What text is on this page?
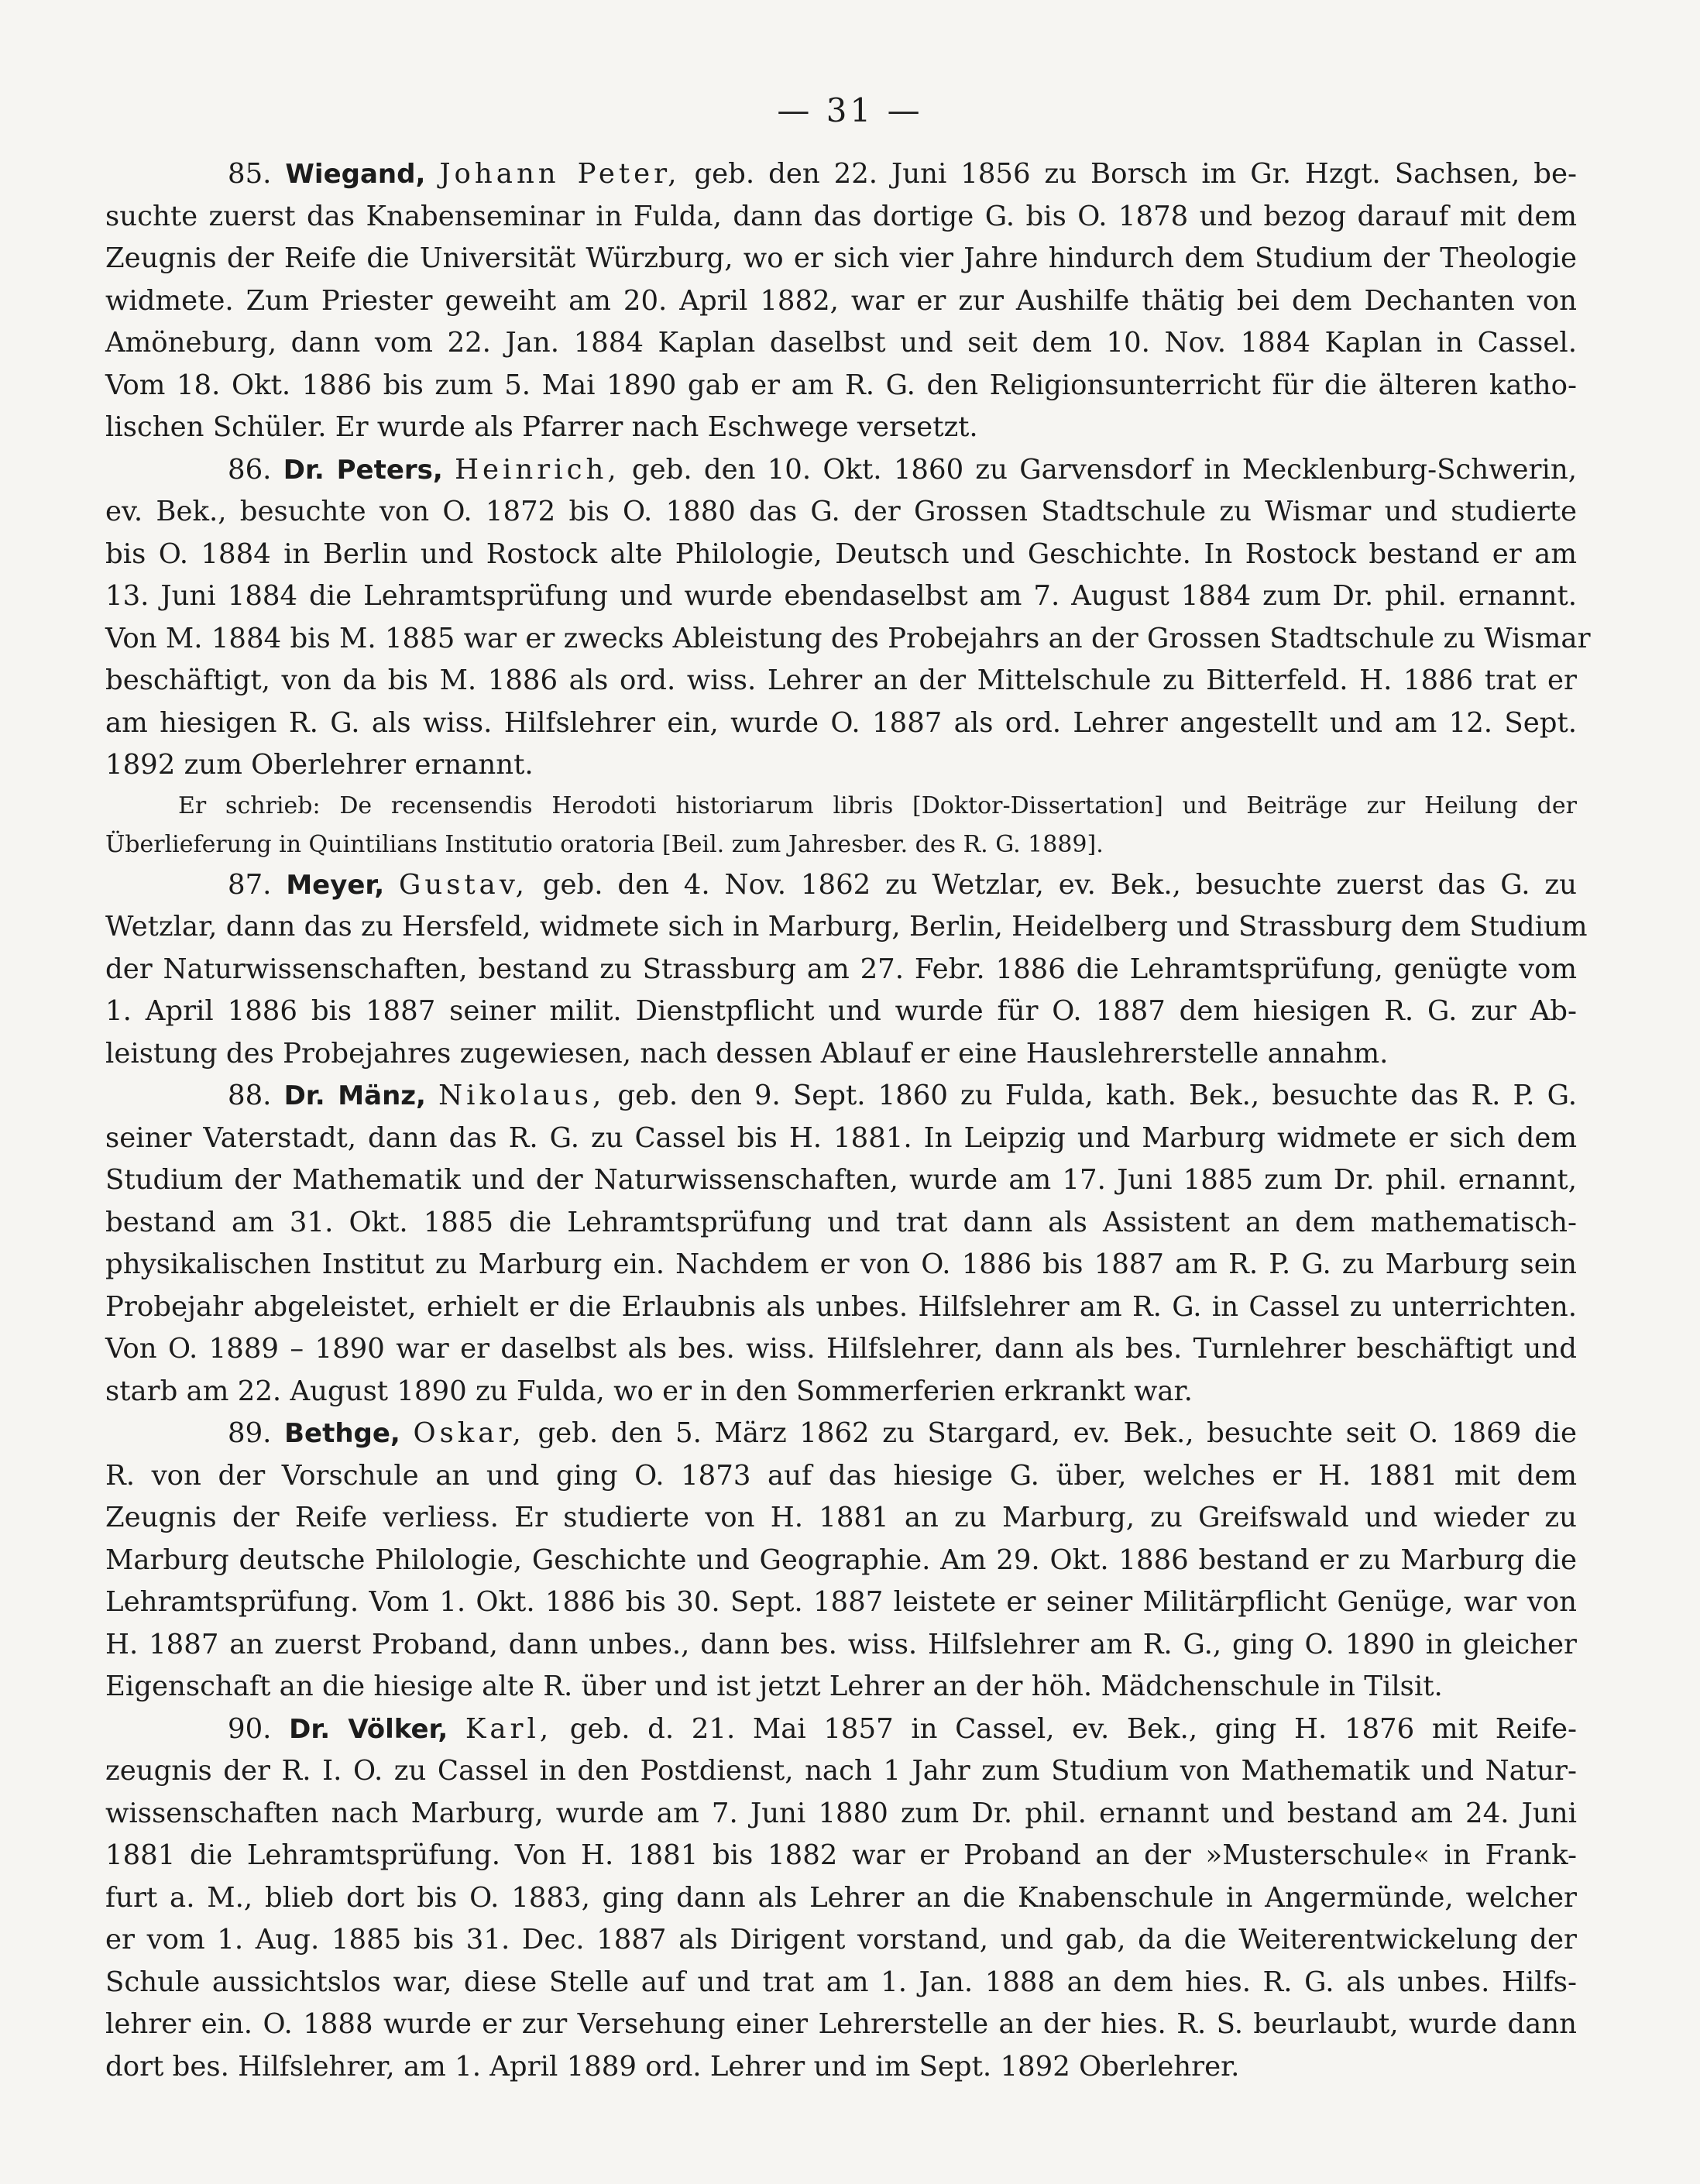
— 31 —
85. Wiegand, Johann Peter, geb. den 22. Juni 1856 zu Borsch im Gr. Hzgt. Sachsen, be-
suchte zuerst das Knabenseminar in Fulda, dann das dortige G. bis O. 1878 und bezog darauf mit dem
Zeugnis der Reife die Universität Würzburg, wo er sich vier Jahre hindurch dem Studium der Theologie
widmete. Zum Priester geweiht am 20. April 1882, war er zur Aushilfe thätig bei dem Dechanten von
Amöneburg, dann vom 22. Jan. 1884 Kaplan daselbst und seit dem 10. Nov. 1884 Kaplan in Cassel.
Vom 18. Okt. 1886 bis zum 5. Mai 1890 gab er am R. G. den Religionsunterricht für die älteren katho-
lischen Schüler. Er wurde als Pfarrer nach Eschwege versetzt.
86. Dr. Peters, Heinrich, geb. den 10. Okt. 1860 zu Garvensdorf in Mecklenburg-Schwerin,
ev. Bek., besuchte von O. 1872 bis O. 1880 das G. der Grossen Stadtschule zu Wismar und studierte
bis O. 1884 in Berlin und Rostock alte Philologie, Deutsch und Geschichte. In Rostock bestand er am
13. Juni 1884 die Lehramtsprüfung und wurde ebendaselbst am 7. August 1884 zum Dr. phil. ernannt.
Von M. 1884 bis M. 1885 war er zwecks Ableistung des Probejahrs an der Grossen Stadtschule zu Wismar
beschäftigt, von da bis M. 1886 als ord. wiss. Lehrer an der Mittelschule zu Bitterfeld. H. 1886 trat er
am hiesigen R. G. als wiss. Hilfslehrer ein, wurde O. 1887 als ord. Lehrer angestellt und am 12. Sept.
1892 zum Oberlehrer ernannt.
Er schrieb: De recensendis Herodoti historiarum libris [Doktor-Dissertation] und Beiträge zur Heilung der
Überlieferung in Quintilians Institutio oratoria [Beil. zum Jahresber. des R. G. 1889].
87. Meyer, Gustav, geb. den 4. Nov. 1862 zu Wetzlar, ev. Bek., besuchte zuerst das G. zu
Wetzlar, dann das zu Hersfeld, widmete sich in Marburg, Berlin, Heidelberg und Strassburg dem Studium
der Naturwissenschaften, bestand zu Strassburg am 27. Febr. 1886 die Lehramtsprüfung, genügte vom
1. April 1886 bis 1887 seiner milit. Dienstpflicht und wurde für O. 1887 dem hiesigen R. G. zur Ab-
leistung des Probejahres zugewiesen, nach dessen Ablauf er eine Hauslehrerstelle annahm.
88. Dr. Mänz, Nikolaus, geb. den 9. Sept. 1860 zu Fulda, kath. Bek., besuchte das R. P. G.
seiner Vaterstadt, dann das R. G. zu Cassel bis H. 1881. In Leipzig und Marburg widmete er sich dem
Studium der Mathematik und der Naturwissenschaften, wurde am 17. Juni 1885 zum Dr. phil. ernannt,
bestand am 31. Okt. 1885 die Lehramtsprüfung und trat dann als Assistent an dem mathematisch-
physikalischen Institut zu Marburg ein. Nachdem er von O. 1886 bis 1887 am R. P. G. zu Marburg sein
Probejahr abgeleistet, erhielt er die Erlaubnis als unbes. Hilfslehrer am R. G. in Cassel zu unterrichten.
Von O. 1889 – 1890 war er daselbst als bes. wiss. Hilfslehrer, dann als bes. Turnlehrer beschäftigt und
starb am 22. August 1890 zu Fulda, wo er in den Sommerferien erkrankt war.
89. Bethge, Oskar, geb. den 5. März 1862 zu Stargard, ev. Bek., besuchte seit O. 1869 die
R. von der Vorschule an und ging O. 1873 auf das hiesige G. über, welches er H. 1881 mit dem
Zeugnis der Reife verliess. Er studierte von H. 1881 an zu Marburg, zu Greifswald und wieder zu
Marburg deutsche Philologie, Geschichte und Geographie. Am 29. Okt. 1886 bestand er zu Marburg die
Lehramtsprüfung. Vom 1. Okt. 1886 bis 30. Sept. 1887 leistete er seiner Militärpflicht Genüge, war von
H. 1887 an zuerst Proband, dann unbes., dann bes. wiss. Hilfslehrer am R. G., ging O. 1890 in gleicher
Eigenschaft an die hiesige alte R. über und ist jetzt Lehrer an der höh. Mädchenschule in Tilsit.
90. Dr. Völker, Karl, geb. d. 21. Mai 1857 in Cassel, ev. Bek., ging H. 1876 mit Reife-
zeugnis der R. I. O. zu Cassel in den Postdienst, nach 1 Jahr zum Studium von Mathematik und Natur-
wissenschaften nach Marburg, wurde am 7. Juni 1880 zum Dr. phil. ernannt und bestand am 24. Juni
1881 die Lehramtsprüfung. Von H. 1881 bis 1882 war er Proband an der »Musterschule« in Frank-
furt a. M., blieb dort bis O. 1883, ging dann als Lehrer an die Knabenschule in Angermünde, welcher
er vom 1. Aug. 1885 bis 31. Dec. 1887 als Dirigent vorstand, und gab, da die Weiterentwickelung der
Schule aussichtslos war, diese Stelle auf und trat am 1. Jan. 1888 an dem hies. R. G. als unbes. Hilfs-
lehrer ein. O. 1888 wurde er zur Versehung einer Lehrerstelle an der hies. R. S. beurlaubt, wurde dann
dort bes. Hilfslehrer, am 1. April 1889 ord. Lehrer und im Sept. 1892 Oberlehrer.
